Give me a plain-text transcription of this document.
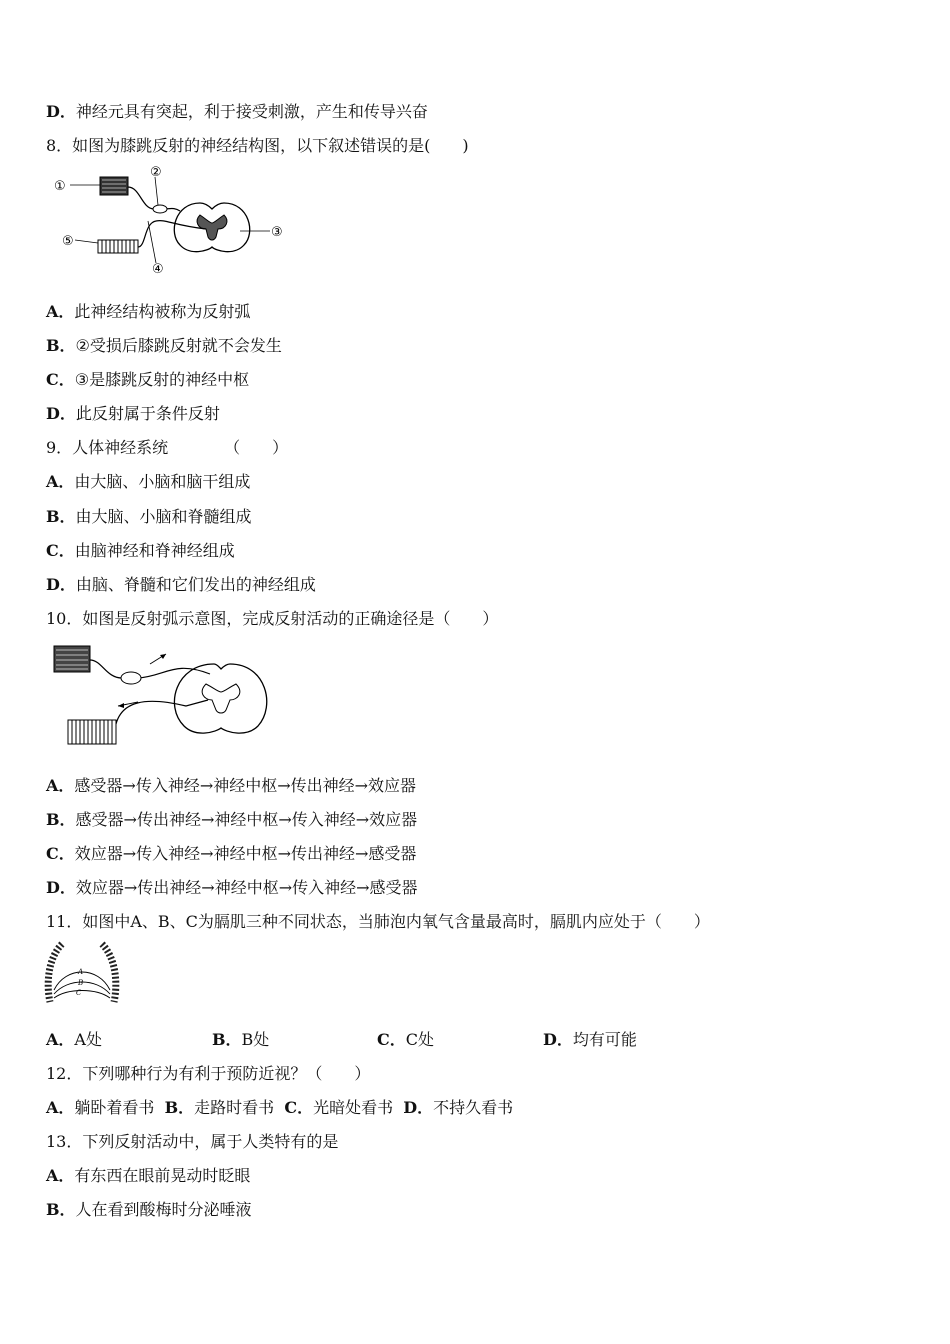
D．神经元具有突起，利于接受刺激，产生和传导兴奋
8．如图为膝跳反射的神经结构图，以下叙述错误的是(　　)
①
②
③
④
⑤
A．此神经结构被称为反射弧
B．②受损后膝跳反射就不会发生
C．③是膝跳反射的神经中枢
D．此反射属于条件反射
9．人体神经系统　　　　（　　）
A．由大脑、小脑和脑干组成
B．由大脑、小脑和脊髓组成
C．由脑神经和脊神经组成
D．由脑、脊髓和它们发出的神经组成
10．如图是反射弧示意图，完成反射活动的正确途径是（　　）
A．感受器→传入神经→神经中枢→传出神经→效应器
B．感受器→传出神经→神经中枢→传入神经→效应器
C．效应器→传入神经→神经中枢→传出神经→感受器
D．效应器→传出神经→神经中枢→传入神经→感受器
11．如图中A、B、C为膈肌三种不同状态，当肺泡内氧气含量最高时，膈肌内应处于（　　）
A
B
C
A．A处	B．B处	C．C处	D．均有可能
12．下列哪种行为有利于预防近视？（　　）
A．躺卧着看书 B．走路时看书 C．光暗处看书 D．不持久看书
13．下列反射活动中，属于人类特有的是
A．有东西在眼前晃动时眨眼
B．人在看到酸梅时分泌唾液
